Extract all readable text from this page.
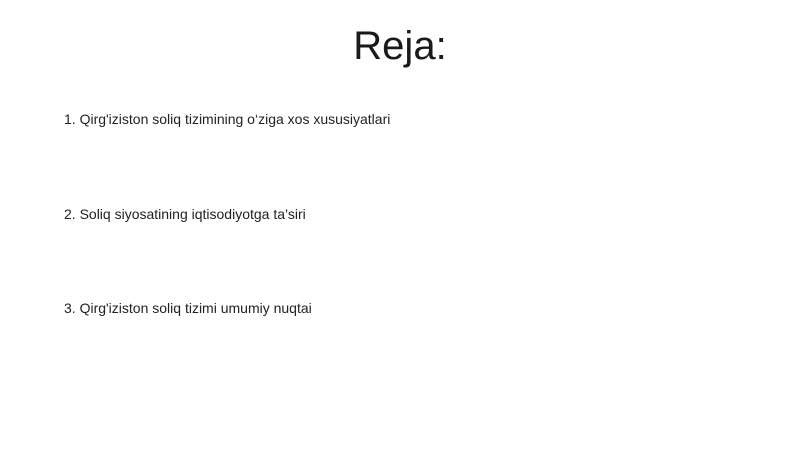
Reja:
1. Qirg'iziston soliq tizimining o‘ziga xos xususiyatlari
2. Soliq siyosatining iqtisodiyotga ta’siri
3. Qirg'iziston soliq tizimi umumiy nuqtai
